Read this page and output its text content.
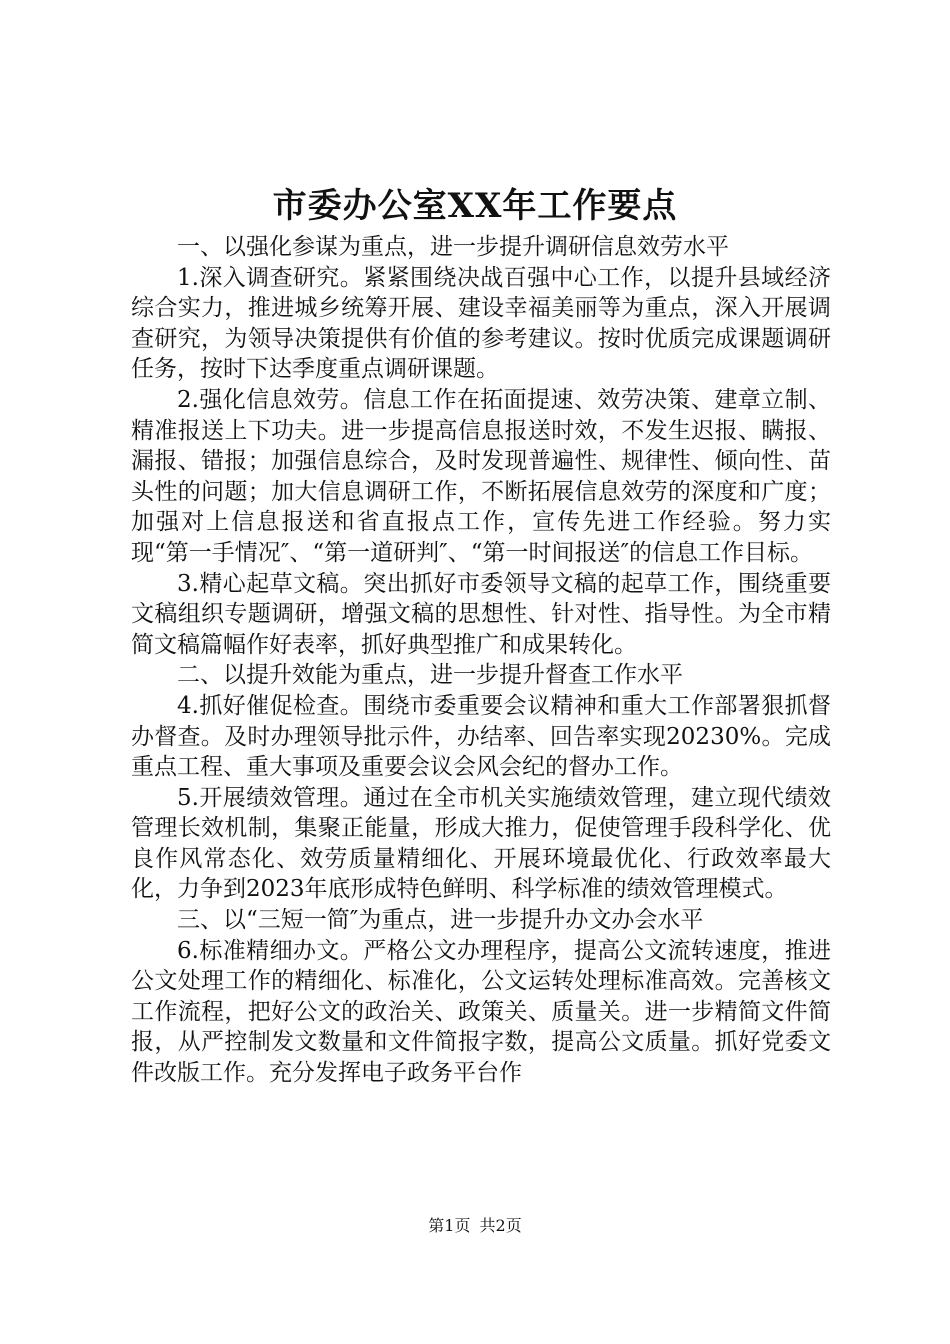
市委办公室XX年工作要点

一、以强化参谋为重点，进一步提升调研信息效劳水平

1.深入调查研究。紧紧围绕决战百强中心工作，以提升县域经济综合实力，推进城乡统筹开展、建设幸福美丽等为重点，深入开展调查研究，为领导决策提供有价值的参考建议。按时优质完成课题调研任务，按时下达季度重点调研课题。

2.强化信息效劳。信息工作在拓面提速、效劳决策、建章立制、精准报送上下功夫。进一步提高信息报送时效，不发生迟报、瞒报、漏报、错报；加强信息综合，及时发现普遍性、规律性、倾向性、苗头性的问题；加大信息调研工作，不断拓展信息效劳的深度和广度；加强对上信息报送和省直报点工作，宣传先进工作经验。努力实现“第一手情况″、“第一道研判″、“第一时间报送″的信息工作目标。

3.精心起草文稿。突出抓好市委领导文稿的起草工作，围绕重要文稿组织专题调研，增强文稿的思想性、针对性、指导性。为全市精简文稿篇幅作好表率，抓好典型推广和成果转化。

二、以提升效能为重点，进一步提升督查工作水平

4.抓好催促检查。围绕市委重要会议精神和重大工作部署狠抓督办督查。及时办理领导批示件，办结率、回告率实现20230%。完成重点工程、重大事项及重要会议会风会纪的督办工作。

5.开展绩效管理。通过在全市机关实施绩效管理，建立现代绩效管理长效机制，集聚正能量，形成大推力，促使管理手段科学化、优良作风常态化、效劳质量精细化、开展环境最优化、行政效率最大化，力争到2023年底形成特色鲜明、科学标准的绩效管理模式。

三、以“三短一简″为重点，进一步提升办文办会水平

6.标准精细办文。严格公文办理程序，提高公文流转速度，推进公文处理工作的精细化、标准化，公文运转处理标准高效。完善核文工作流程，把好公文的政治关、政策关、质量关。进一步精简文件简报，从严控制发文数量和文件简报字数，提高公文质量。抓好党委文件改版工作。充分发挥电子政务平台作

第1页 共2页
